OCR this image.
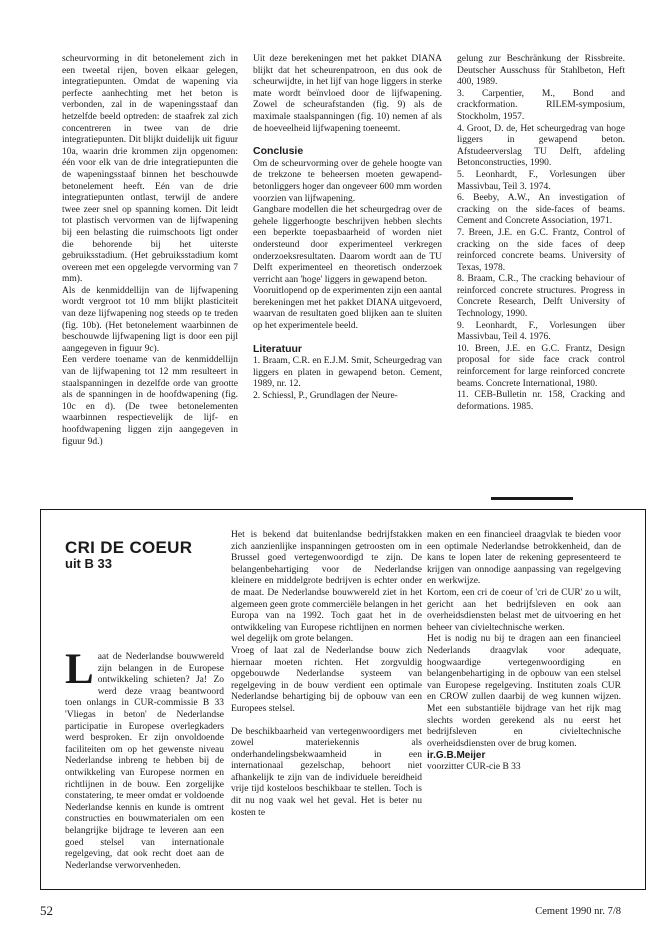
scheurvorming in dit betonelement zich in een tweetal rijen, boven elkaar gelegen, integratiepunten. Omdat de wapening via perfecte aanhechting met het beton is verbonden, zal in de wapeningsstaaf dan hetzelfde beeld optreden: de staafrek zal zich concentreren in twee van de drie integratiepunten. Dit blijkt duidelijk uit figuur 10a, waarin drie krommen zijn opgenomen: één voor elk van de drie integratiepunten die de wapeningsstaaf binnen het beschouwde betonelement heeft. Eén van de drie integratiepunten ontlast, terwijl de andere twee zeer snel op spanning komen. Dit leidt tot plastisch vervormen van de lijfwapening bij een belasting die ruimschoots ligt onder die behorende bij het uiterste gebruiksstadium. (Het gebruiksstadium komt overeen met een opgelegde vervorming van 7 mm).

Als de kenmiddellijn van de lijfwapening wordt vergroot tot 10 mm blijkt plasticiteit van deze lijfwapening nog steeds op te treden (fig. 10b). (Het betonelement waarbinnen de beschouwde lijfwapening ligt is door een pijl aangegeven in figuur 9c).

Een verdere toename van de kenmiddellijn van de lijfwapening tot 12 mm resulteert in staalspanningen in dezelfde orde van grootte als de spanningen in de hoofdwapening (fig. 10c en d). (De twee betonelementen waarbinnen respectievelijk de lijf- en hoofdwapening liggen zijn aangegeven in figuur 9d.)

Uit deze berekeningen met het pakket DIANA blijkt dat het scheurenpatroon, en dus ook de scheurwijdte, in het lijf van hoge liggers in sterke mate wordt beïnvloed door de lijfwapening. Zowel de scheurafstanden (fig. 9) als de maximale staalspanningen (fig. 10) nemen af als de hoeveelheid lijfwapening toeneemt.

Conclusie

Om de scheurvorming over de gehele hoogte van de trekzone te beheersen moeten gewapend-betonliggers hoger dan ongeveer 600 mm worden voorzien van lijfwapening.

Gangbare modellen die het scheurgedrag over de gehele liggerhoogte beschrijven hebben slechts een beperkte toepasbaarheid of worden niet ondersteund door experimenteel verkregen onderzoeksresultaten. Daarom wordt aan de TU Delft experimenteel en theoretisch onderzoek verricht aan 'hoge' liggers in gewapend beton.

Vooruitlopend op de experimenten zijn een aantal berekeningen met het pakket DIANA uitgevoerd, waarvan de resultaten goed blijken aan te sluiten op het experimentele beeld.

Literatuur

1. Braam, C.R. en E.J.M. Smit, Scheurgedrag van liggers en platen in gewapend beton. Cement, 1989, nr. 12.

2. Schiessl, P., Grundlagen der Neure-

gelung zur Beschränkung der Rissbreite. Deutscher Ausschuss für Stahlbeton, Heft 400, 1989.

3. Carpentier, M., Bond and crackformation. RILEM-symposium, Stockholm, 1957.

4. Groot, D. de, Het scheurgedrag van hoge liggers in gewapend beton. Afstudeerverslag TU Delft, afdeling Betonconstructies, 1990.

5. Leonhardt, F., Vorlesungen über Massivbau, Teil 3. 1974.

6. Beeby, A.W., An investigation of cracking on the side-faces of beams. Cement and Concrete Association, 1971.

7. Breen, J.E. en G.C. Frantz, Control of cracking on the side faces of deep reinforced concrete beams. University of Texas, 1978.

8. Braam, C.R., The cracking behaviour of reinforced concrete structures. Progress in Concrete Research, Delft University of Technology, 1990.

9. Leonhardt, F., Vorlesungen über Massivbau, Teil 4. 1976.

10. Breen, J.E. en G.C. Frantz, Design proposal for side face crack control reinforcement for large reinforced concrete beams. Concrete International, 1980.

11. CEB-Bulletin nr. 158, Cracking and deformations. 1985.

CRI DE COEUR
uit B 33

Laat de Nederlandse bouwwereld zijn belangen in de Europese ontwikkeling schieten? Ja! Zo werd deze vraag beantwoord toen onlangs in CUR-commissie B 33 'Vliegas in beton' de Nederlandse participatie in Europese overlegkaders werd besproken. Er zijn onvoldoende faciliteiten om op het gewenste niveau Nederlandse inbreng te hebben bij de ontwikkeling van Europese normen en richtlijnen in de bouw. Een zorgelijke constatering, te meer omdat er voldoende Nederlandse kennis en kunde is omtrent constructies en bouwmaterialen om een belangrijke bijdrage te leveren aan een goed stelsel van internationale regelgeving, dat ook recht doet aan de Nederlandse verworvenheden.

Het is bekend dat buitenlandse bedrijfstakken zich aanzienlijke inspanningen getroosten om in Brussel goed vertegenwoordigd te zijn. De belangenbehartiging voor de Nederlandse kleinere en middelgrote bedrijven is echter onder de maat. De Nederlandse bouwwereld ziet in het algemeen geen grote commerciële belangen in het Europa van na 1992. Toch gaat het in de ontwikkeling van Europese richtlijnen en normen wel degelijk om grote belangen.

Vroeg of laat zal de Nederlandse bouw zich hiernaar moeten richten. Het zorgvuldig opgebouwde Nederlandse systeem van regelgeving in de bouw verdient een optimale Nederlandse behartiging bij de opbouw van een Europees stelsel.

De beschikbaarheid van vertegenwoordigers met zowel materiekennis als onderhandelingsbekwaamheid in een internationaal gezelschap, behoort niet afhankelijk te zijn van de individuele bereidheid vrije tijd kosteloos beschikbaar te stellen. Toch is dit nu nog vaak wel het geval. Het is beter nu kosten te

maken en een financieel draagvlak te bieden voor een optimale Nederlandse betrokkenheid, dan de kans te lopen later de rekening gepresenteerd te krijgen van onnodige aanpassing van regelgeving en werkwijze.

Kortom, een cri de coeur of 'cri de CUR' zo u wilt, gericht aan het bedrijfsleven en ook aan overheidsdiensten belast met de uitvoering en het beheer van civieltechnische werken.

Het is nodig nu bij te dragen aan een financieel Nederlands draagvlak voor adequate, hoogwaardige vertegenwoordiging en belangenbehartiging in de opbouw van een stelsel van Europese regelgeving. Instituten zoals CUR en CROW zullen daarbij de weg kunnen wijzen. Met een substantiële bijdrage van het rijk mag slechts worden gerekend als nu eerst het bedrijfsleven en civieltechnische overheidsdiensten over de brug komen.

ir.G.B.Meijer

voorzitter CUR-cie B 33

52	Cement 1990 nr. 7/8
